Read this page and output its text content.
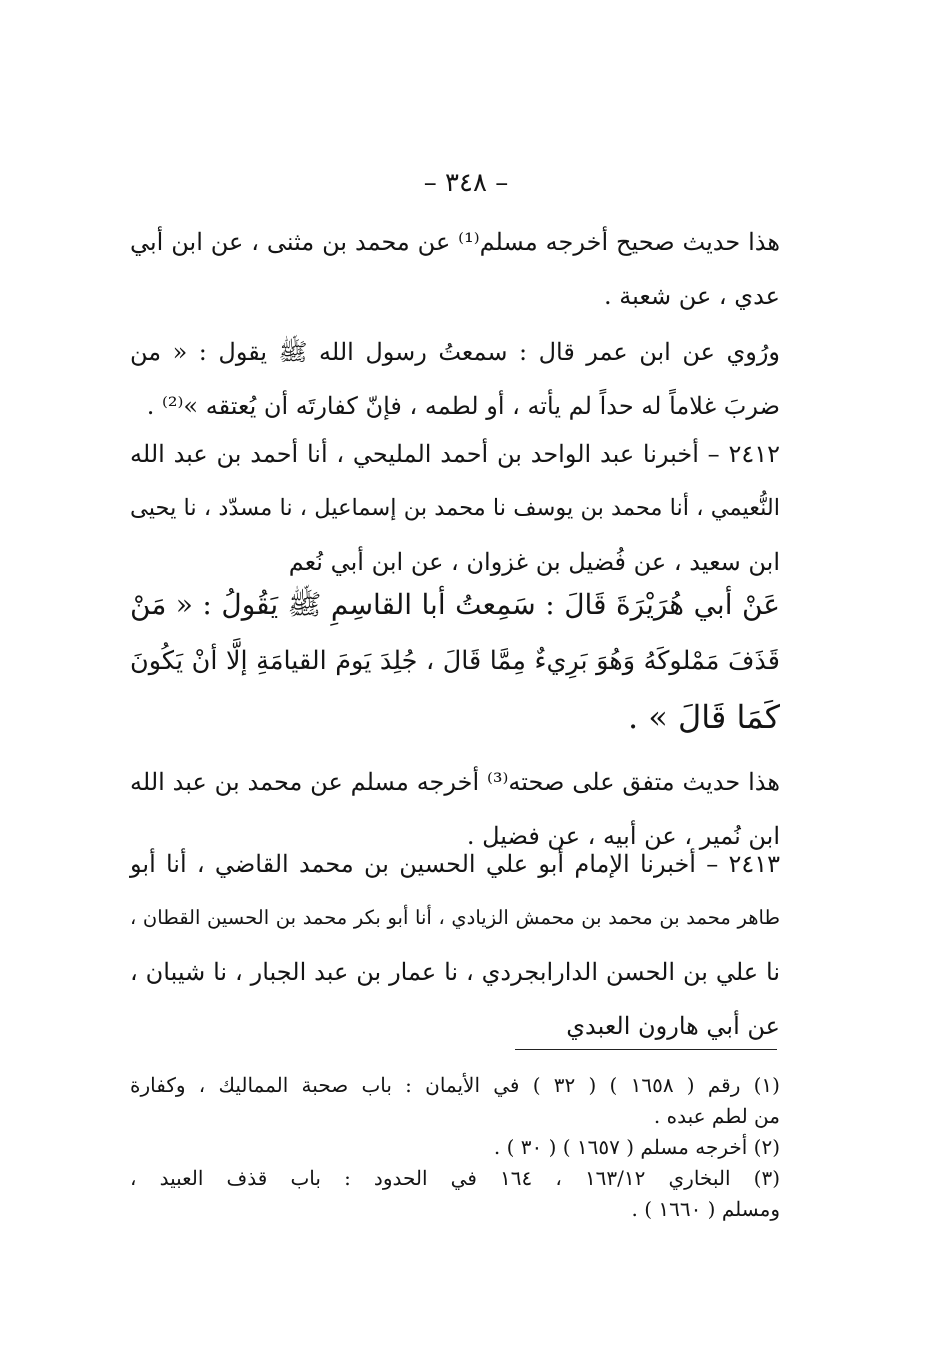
– ٣٤٨ –
هذا حديث صحيح أخرجه مسلم⁽¹⁾ عن محمد بن مثنى ، عن ابن أبي
عدي ، عن شعبة .
ورُوي عن ابن عمر قال : سمعتُ رسول الله ﷺ يقول : « من
ضربَ غلاماً له حداً لم يأته ، أو لطمه ، فإنّ كفارتَه أن يُعتقه »⁽²⁾ .
٢٤١٢ – أخبرنا عبد الواحد بن أحمد المليحي ، أنا أحمد بن عبد الله
النُّعيمي ، أنا محمد بن يوسف نا محمد بن إسماعيل ، نا مسدّد ، نا يحيى
ابن سعيد ، عن فُضيل بن غزوان ، عن ابن أبي نُعم
عَنْ أبي هُرَيْرَةَ قَالَ : سَمِعتُ أبا القاسِمِ ﷺ يَقُولُ : « مَنْ
قَذَفَ مَمْلوكَهُ وَهُوَ بَرِيءٌ مِمَّا قَالَ ، جُلِدَ يَومَ القيامَةِ إلَّا أنْ يَكُونَ
كَمَا قَالَ » .
هذا حديث متفق على صحته⁽³⁾ أخرجه مسلم عن محمد بن عبد الله
ابن نُمير ، عن أبيه ، عن فضيل .
٢٤١٣ – أخبرنا الإمام أبو علي الحسين بن محمد القاضي ، أنا أبو
طاهر محمد بن محمد بن محمش الزيادي ، أنا أبو بكر محمد بن الحسين القطان ،
نا علي بن الحسن الدارابجردي ، نا عمار بن عبد الجبار ، نا شيبان ،
عن أبي هارون العبدي
(١) رقم ( ١٦٥٨ ) ( ٣٢ ) في الأيمان : باب صحبة المماليك ، وكفارة
من لطم عبده .
(٢) أخرجه مسلم ( ١٦٥٧ ) ( ٣٠ ) .
(٣) البخاري ١٦٣/١٢ ، ١٦٤ في الحدود : باب قذف العبيد ،
ومسلم ( ١٦٦٠ ) .
